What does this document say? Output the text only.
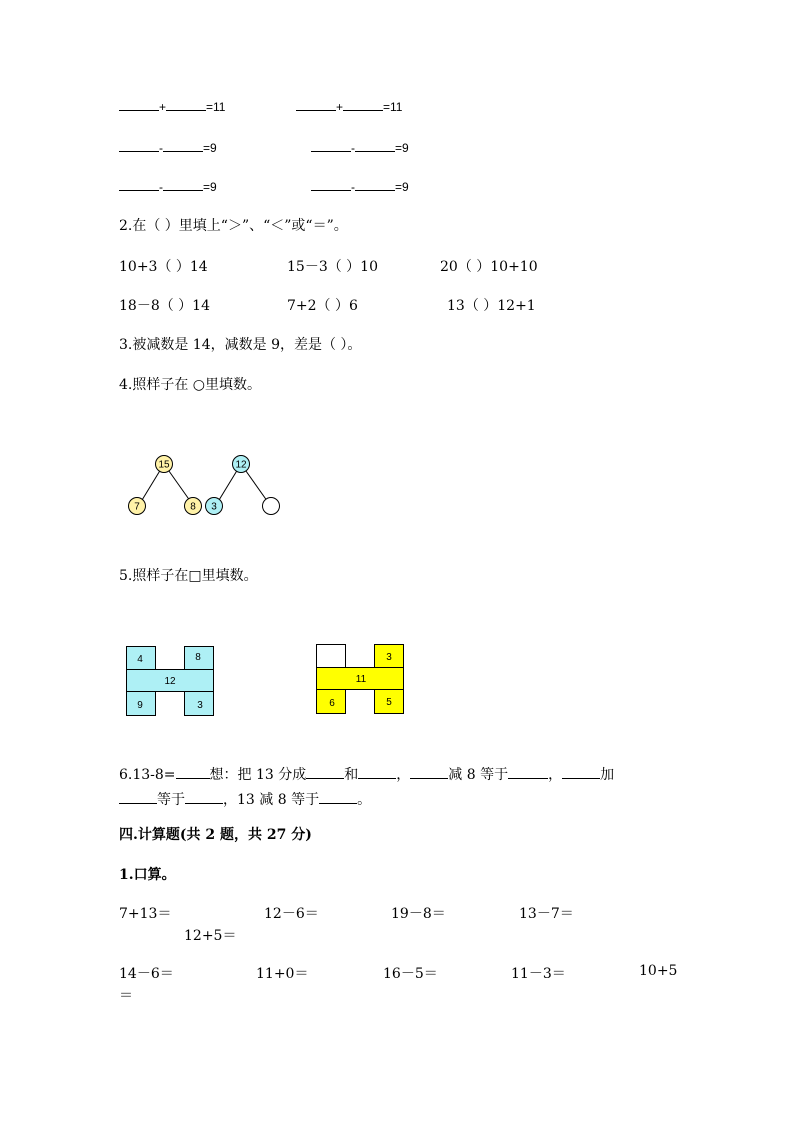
+	=11	+	=11
-	=9	-	=9
-	=9	-	=9
2.在（ ）里填上“＞”、“＜”或“＝”。
10+3（ ）14	15－3（ ）10	20（ ）10+10
18－8（ ）14	7+2（ ）6	13（ ）12+1
3.被减数是 14，减数是 9，差是（ ）。
4.照样子在 ○里填数。
15
7	8
12
3
5.照样子在□里填数。
4	8
12
9	3
3
11
6	5
6.13-8= 想：把 13 分成	和	，	减 8 等于	，	加
等于	，13 减 8 等于	。
四.计算题(共 2 题，共 27 分)
1.口算。
7+13＝	12－6＝	19－8＝	13－7＝
12+5＝
14－6＝	11+0＝	16－5＝	11－3＝	10+5
＝
